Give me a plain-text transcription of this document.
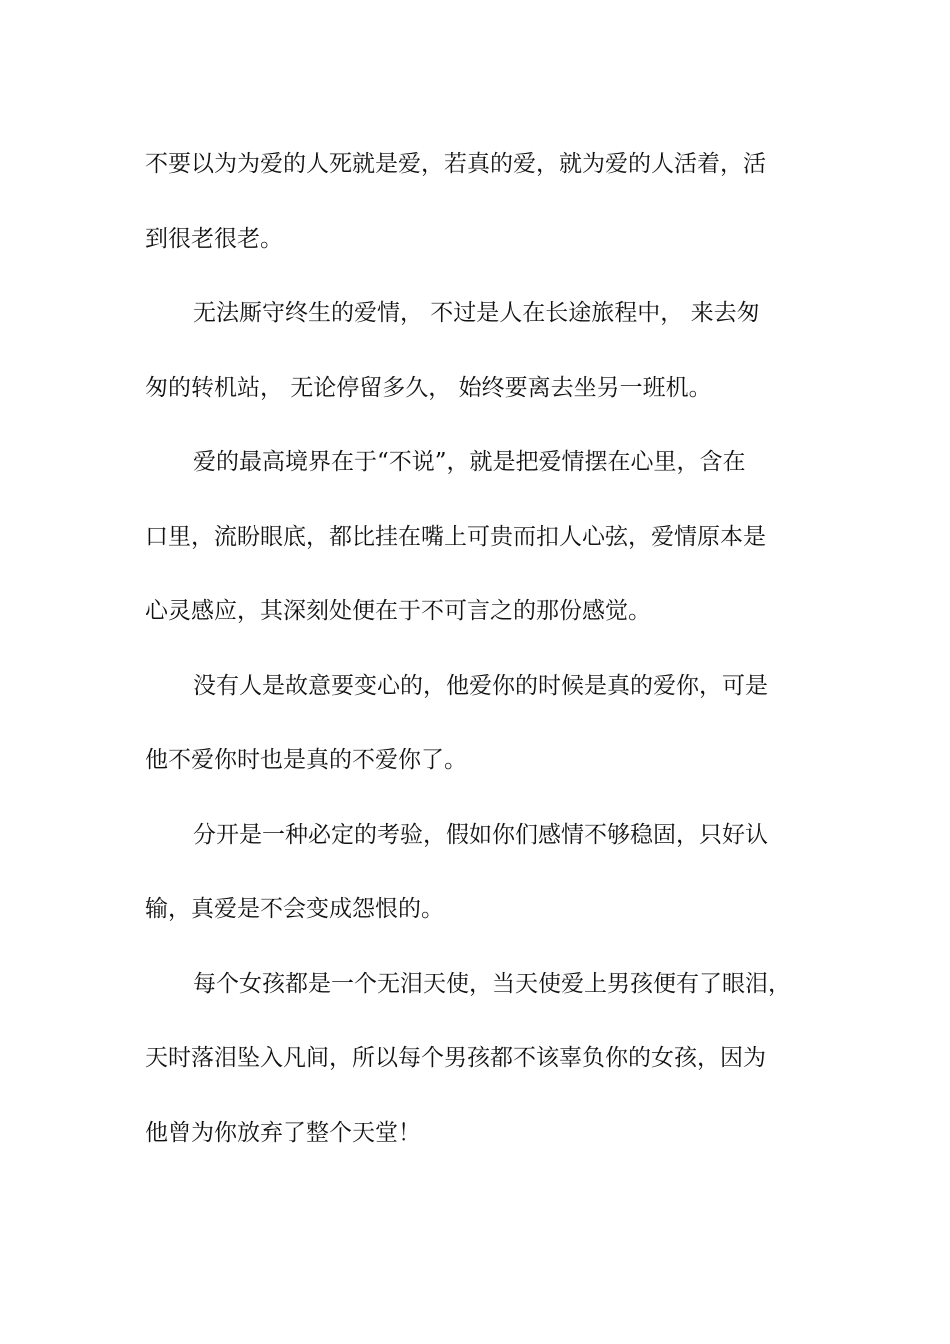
不要以为为爱的人死就是爱，若真的爱，就为爱的人活着，活
到很老很老。
无法厮守终生的爱情， 不过是人在长途旅程中， 来去匆
匆的转机站， 无论停留多久， 始终要离去坐另一班机。
爱的最高境界在于“不说”，就是把爱情摆在心里，含在
口里，流盼眼底，都比挂在嘴上可贵而扣人心弦，爱情原本是
心灵感应，其深刻处便在于不可言之的那份感觉。
没有人是故意要变心的，他爱你的时候是真的爱你，可是
他不爱你时也是真的不爱你了。
分开是一种必定的考验，假如你们感情不够稳固，只好认
输，真爱是不会变成怨恨的。
每个女孩都是一个无泪天使，当天使爱上男孩便有了眼泪，
天时落泪坠入凡间，所以每个男孩都不该辜负你的女孩，因为
他曾为你放弃了整个天堂！
